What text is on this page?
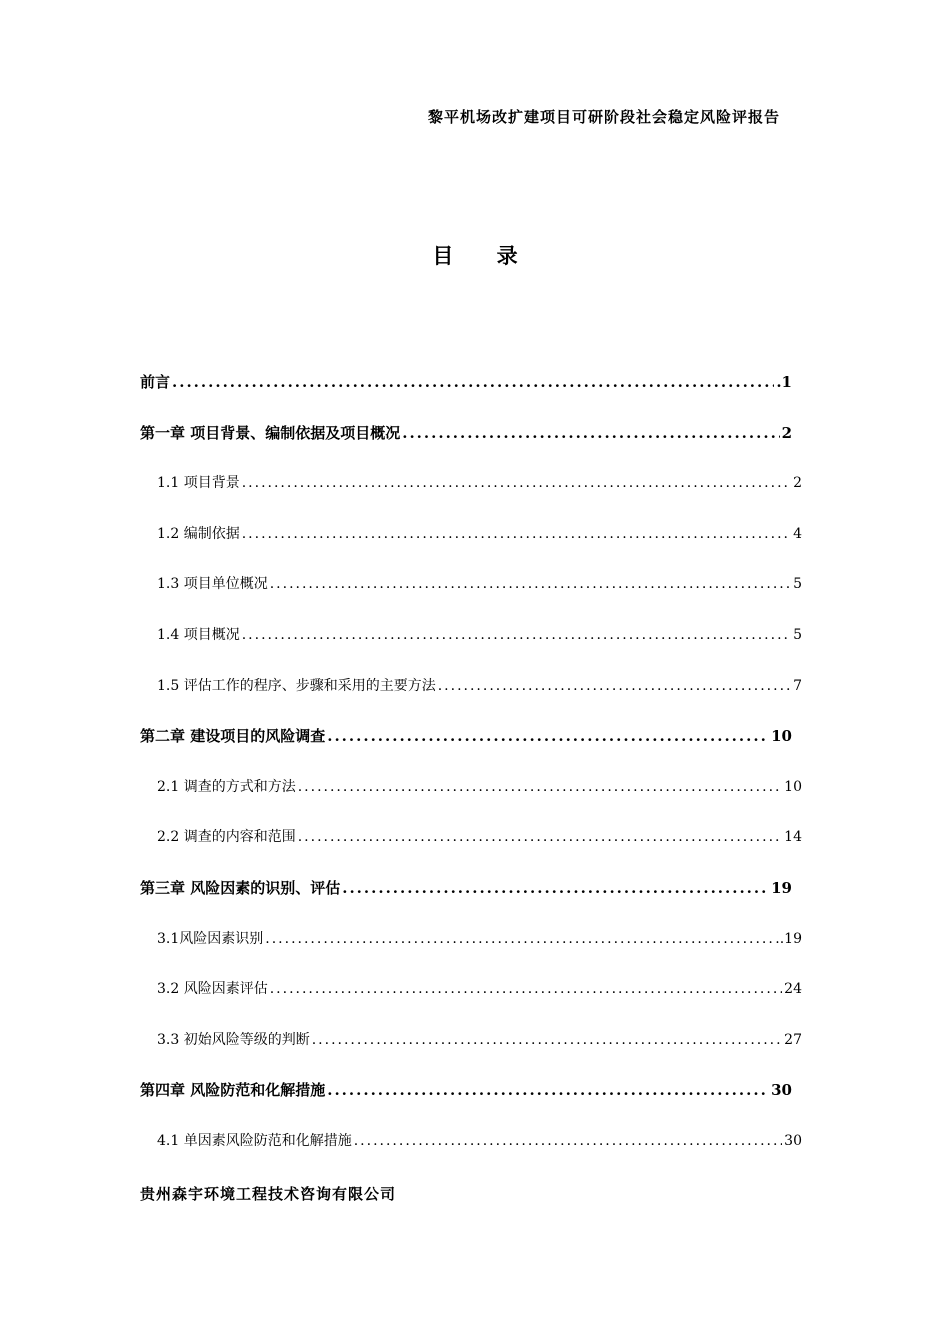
黎平机场改扩建项目可研阶段社会稳定风险评报告
目 录
前言 .....	.1
第一章 项目背景、编制依据及项目概况 .....	2
1.1 项目背景 .....	2
1.2 编制依据 .....	4
1.3 项目单位概况 .....	5
1.4 项目概况 .....	5
1.5 评估工作的程序、步骤和采用的主要方法 .....	7
第二章 建设项目的风险调查 .....	10
2.1 调查的方式和方法 .....	10
2.2 调查的内容和范围 .....	14
第三章 风险因素的识别、评估 .....	19
3.1风险因素识别 .....	..19
3.2 风险因素评估 .....	24
3.3 初始风险等级的判断 .....	27
第四章 风险防范和化解措施 .....	30
4.1 单因素风险防范和化解措施 .....	30
贵州森宇环境工程技术咨询有限公司
